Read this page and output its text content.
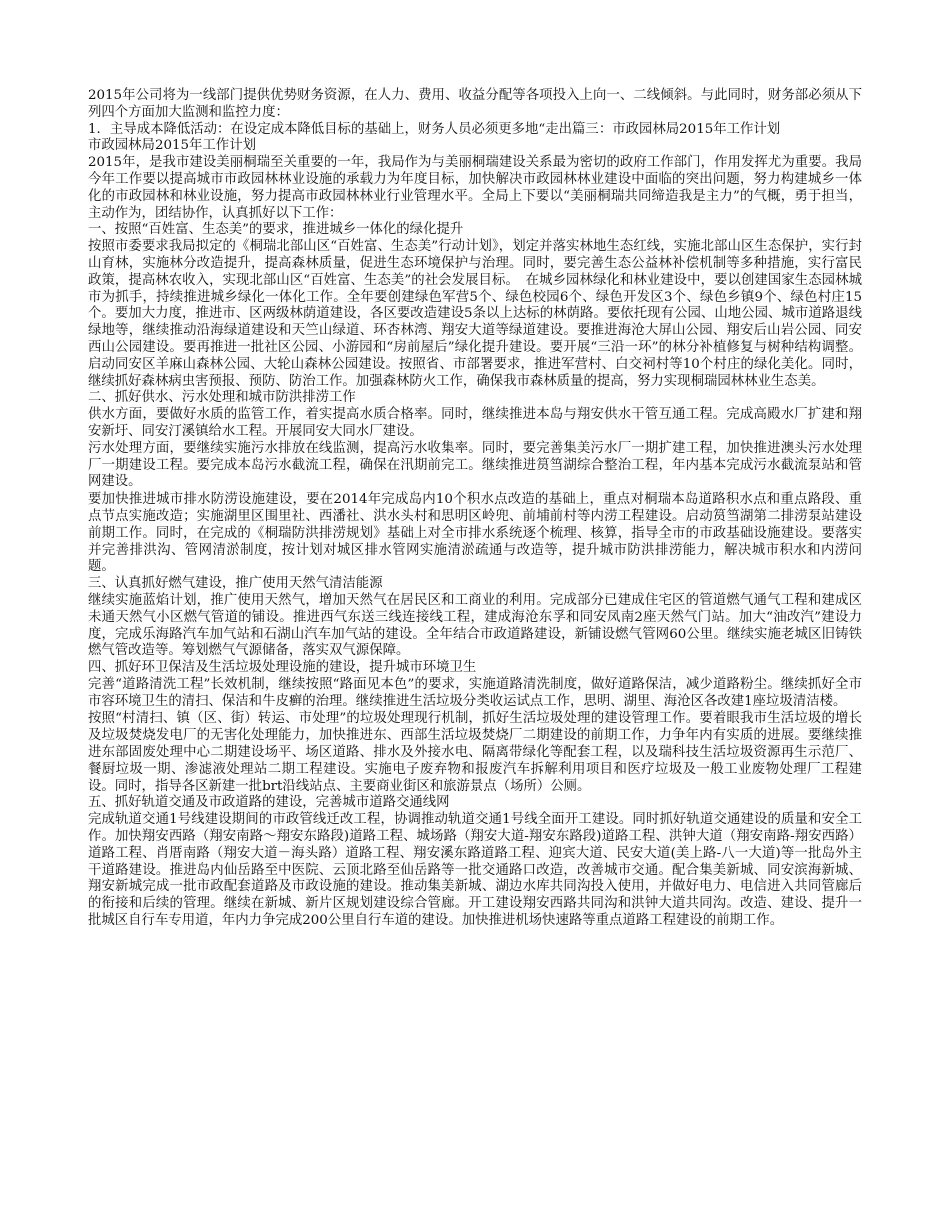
2015年公司将为一线部门提供优势财务资源，在人力、费用、收益分配等各项投入上向一、二线倾斜。与此同时，财务部必须从下列四个方面加大监测和监控力度：

1．主导成本降低活动：在设定成本降低目标的基础上，财务人员必须更多地“走出篇三：市政园林局2015年工作计划

市政园林局2015年工作计划

2015年，是我市建设美丽桐瑞至关重要的一年，我局作为与美丽桐瑞建设关系最为密切的政府工作部门，作用发挥尤为重要。我局今年工作要以提高城市市政园林林业设施的承载力为年度目标，加快解决市政园林林业建设中面临的突出问题，努力构建城乡一体化的市政园林和林业设施，努力提高市政园林林业行业管理水平。全局上下要以“美丽桐瑞共同缔造我是主力”的气概，勇于担当，主动作为，团结协作，认真抓好以下工作：

一、按照“百姓富、生态美”的要求，推进城乡一体化的绿化提升

按照市委要求我局拟定的《桐瑞北部山区“百姓富、生态美”行动计划》，划定并落实林地生态红线，实施北部山区生态保护，实行封山育林，实施林分改造提升，提高森林质量，促进生态环境保护与治理。同时，要完善生态公益林补偿机制等多种措施，实行富民政策，提高林农收入，实现北部山区“百姓富、生态美”的社会发展目标。　在城乡园林绿化和林业建设中，要以创建国家生态园林城市为抓手，持续推进城乡绿化一体化工作。全年要创建绿色军营5个、绿色校园6个、绿色开发区3个、绿色乡镇9个、绿色村庄15个。要加大力度，推进市、区两级林荫道建设，各区要改造建设5条以上达标的林荫路。要依托现有公园、山地公园、城市道路退线绿地等，继续推动沿海绿道建设和天竺山绿道、环杏林湾、翔安大道等绿道建设。要推进海沧大屏山公园、翔安后山岩公园、同安西山公园建设。要再推进一批社区公园、小游园和“房前屋后”绿化提升建设。要开展“三沿一环”的林分补植修复与树种结构调整。启动同安区羊麻山森林公园、大轮山森林公园建设。按照省、市部署要求，推进军营村、白交祠村等10个村庄的绿化美化。同时，继续抓好森林病虫害预报、预防、防治工作。加强森林防火工作，确保我市森林质量的提高，努力实现桐瑞园林林业生态美。

二、抓好供水、污水处理和城市防洪排涝工作

供水方面，要做好水质的监管工作，着实提高水质合格率。同时，继续推进本岛与翔安供水干管互通工程。完成高殿水厂扩建和翔安新圩、同安汀溪镇给水工程。开展同安大同水厂建设。

污水处理方面，要继续实施污水排放在线监测，提高污水收集率。同时，要完善集美污水厂一期扩建工程，加快推进澳头污水处理厂一期建设工程。要完成本岛污水截流工程，确保在汛期前完工。继续推进筼筜湖综合整治工程，年内基本完成污水截流泵站和管网建设。

要加快推进城市排水防涝设施建设，要在2014年完成岛内10个积水点改造的基础上，重点对桐瑞本岛道路积水点和重点路段、重点节点实施改造；实施湖里区围里社、西潘社、洪水头村和思明区岭兜、前埔前村等内涝工程建设。启动筼筜湖第二排涝泵站建设前期工作。同时，在完成的《桐瑞防洪排涝规划》基础上对全市排水系统逐个梳理、核算，指导全市的市政基础设施建设。要落实并完善排洪沟、管网清淤制度，按计划对城区排水管网实施清淤疏通与改造等，提升城市防洪排涝能力，解决城市积水和内涝问题。

三、认真抓好燃气建设，推广使用天然气清洁能源

继续实施蓝焰计划，推广使用天然气，增加天然气在居民区和工商业的利用。完成部分已建成住宅区的管道燃气通气工程和建成区未通天然气小区燃气管道的铺设。推进西气东送三线连接线工程，建成海沧东孚和同安凤南2座天然气门站。加大“油改汽”建设力度，完成乐海路汽车加气站和石湖山汽车加气站的建设。全年结合市政道路建设，新铺设燃气管网60公里。继续实施老城区旧铸铁燃气管改造等。筹划燃气气源储备，落实双气源保障。

四、抓好环卫保洁及生活垃圾处理设施的建设，提升城市环境卫生

完善“道路清洗工程”长效机制，继续按照“路面见本色”的要求，实施道路清洗制度，做好道路保洁，减少道路粉尘。继续抓好全市市容环境卫生的清扫、保洁和牛皮癣的治理。继续推进生活垃圾分类收运试点工作，思明、湖里、海沧区各改建1座垃圾清洁楼。

按照“村清扫、镇（区、街）转运、市处理”的垃圾处理现行机制，抓好生活垃圾处理的建设管理工作。要着眼我市生活垃圾的增长及垃圾焚烧发电厂的无害化处理能力，加快推进东、西部生活垃圾焚烧厂二期建设的前期工作，力争年内有实质的进展。要继续推进东部固废处理中心二期建设场平、场区道路、排水及外接水电、隔离带绿化等配套工程，以及瑞科技生活垃圾资源再生示范厂、餐厨垃圾一期、渗滤液处理站二期工程建设。实施电子废弃物和报废汽车拆解利用项目和医疗垃圾及一般工业废物处理厂工程建设。同时，指导各区新建一批brt沿线站点、主要商业街区和旅游景点（场所）公厕。

五、抓好轨道交通及市政道路的建设，完善城市道路交通线网

完成轨道交通1号线建设期间的市政管线迁改工程，协调推动轨道交通1号线全面开工建设。同时抓好轨道交通建设的质量和安全工作。加快翔安西路（翔安南路～翔安东路段)道路工程、城场路（翔安大道-翔安东路段)道路工程、洪钟大道（翔安南路-翔安西路）道路工程、肖厝南路（翔安大道－海头路）道路工程、翔安溪东路道路工程、迎宾大道、民安大道(美上路-八一大道)等一批岛外主干道路建设。推进岛内仙岳路至中医院、云顶北路至仙岳路等一批交通路口改造，改善城市交通。配合集美新城、同安滨海新城、翔安新城完成一批市政配套道路及市政设施的建设。推动集美新城、湖边水库共同沟投入使用，并做好电力、电信进入共同管廊后的衔接和后续的管理。继续在新城、新片区规划建设综合管廊。开工建设翔安西路共同沟和洪钟大道共同沟。改造、建设、提升一批城区自行车专用道，年内力争完成200公里自行车道的建设。加快推进机场快速路等重点道路工程建设的前期工作。
